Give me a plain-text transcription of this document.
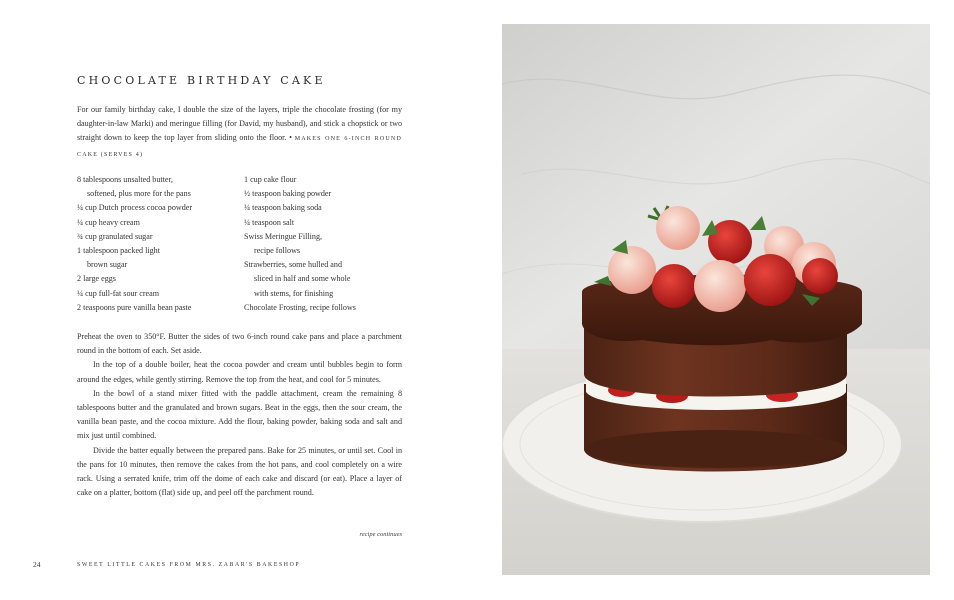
CHOCOLATE BIRTHDAY CAKE
For our family birthday cake, I double the size of the layers, triple the chocolate frosting (for my daughter-in-law Marki) and meringue filling (for David, my husband), and stick a chopstick or two straight down to keep the top layer from sliding onto the floor. • MAKES ONE 6-INCH ROUND CAKE (SERVES 4)
8 tablespoons unsalted butter,
softened, plus more for the pans
¼ cup Dutch process cocoa powder
¼ cup heavy cream
¾ cup granulated sugar
1 tablespoon packed light
brown sugar
2 large eggs
¼ cup full-fat sour cream
2 teaspoons pure vanilla bean paste
1 cup cake flour
½ teaspoon baking powder
¼ teaspoon baking soda
¼ teaspoon salt
Swiss Meringue Filling,
recipe follows
Strawberries, some hulled and
sliced in half and some whole
with stems, for finishing
Chocolate Frosting, recipe follows

Preheat the oven to 350°F. Butter the sides of two 6-inch round cake pans and place a parchment round in the bottom of each. Set aside.

In the top of a double boiler, heat the cocoa powder and cream until bubbles begin to form around the edges, while gently stirring. Remove the top from the heat, and cool for 5 minutes.

In the bowl of a stand mixer fitted with the paddle attachment, cream the remaining 8 tablespoons butter and the granulated and brown sugars. Beat in the eggs, then the sour cream, the vanilla bean paste, and the cocoa mixture. Add the flour, baking powder, baking soda and salt and mix just until combined.

Divide the batter equally between the prepared pans. Bake for 25 minutes, or until set. Cool in the pans for 10 minutes, then remove the cakes from the hot pans, and cool completely on a wire rack. Using a serrated knife, trim off the dome of each cake and discard (or eat). Place a layer of cake on a platter, bottom (flat) side up, and peel off the parchment round.

recipe continues
24	SWEET LITTLE CAKES FROM MRS. ZABAR'S BAKESHOP
